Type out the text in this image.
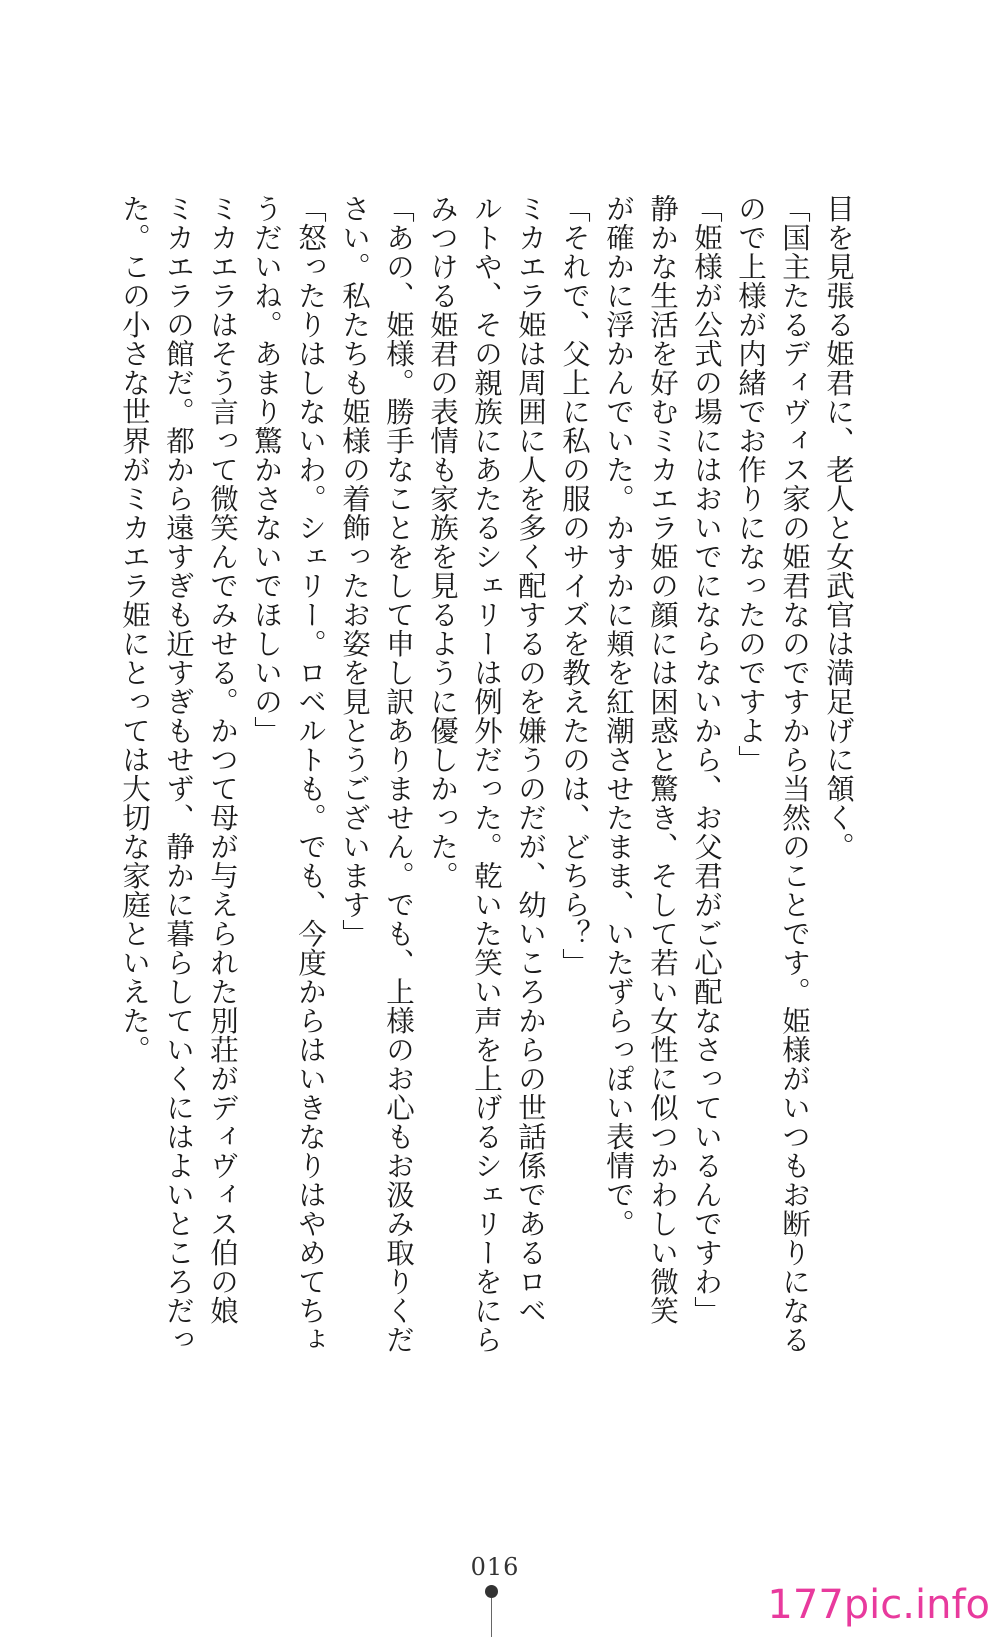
目を見張る姫君に、老人と女武官は満足げに頷く。
「国主たるディヴィス家の姫君なのですから当然のことです。姫様がいつもお断りになる
ので上様が内緒でお作りになったのですよ」
「姫様が公式の場にはおいでにならないから、お父君がご心配なさっているんですわ」
静かな生活を好むミカエラ姫の顔には困惑と驚き、そして若い女性に似つかわしい微笑
が確かに浮かんでいた。かすかに頬を紅潮させたまま、いたずらっぽい表情で。
「それで、父上に私の服のサイズを教えたのは、どちら？」
ミカエラ姫は周囲に人を多く配するのを嫌うのだが、幼いころからの世話係であるロベ
ルトや、その親族にあたるシェリーは例外だった。乾いた笑い声を上げるシェリーをにら
みつける姫君の表情も家族を見るように優しかった。
「あの、姫様。勝手なことをして申し訳ありません。でも、上様のお心もお汲み取りくだ
さい。私たちも姫様の着飾ったお姿を見とうございます」
「怒ったりはしないわ。シェリー。ロベルトも。でも、今度からはいきなりはやめてちょ
うだいね。あまり驚かさないでほしいの」
ミカエラはそう言って微笑んでみせる。かつて母が与えられた別荘がディヴィス伯の娘
ミカエラの館だ。都から遠すぎも近すぎもせず、静かに暮らしていくにはよいところだっ
た。この小さな世界がミカエラ姫にとっては大切な家庭といえた。
016
177pic.info
